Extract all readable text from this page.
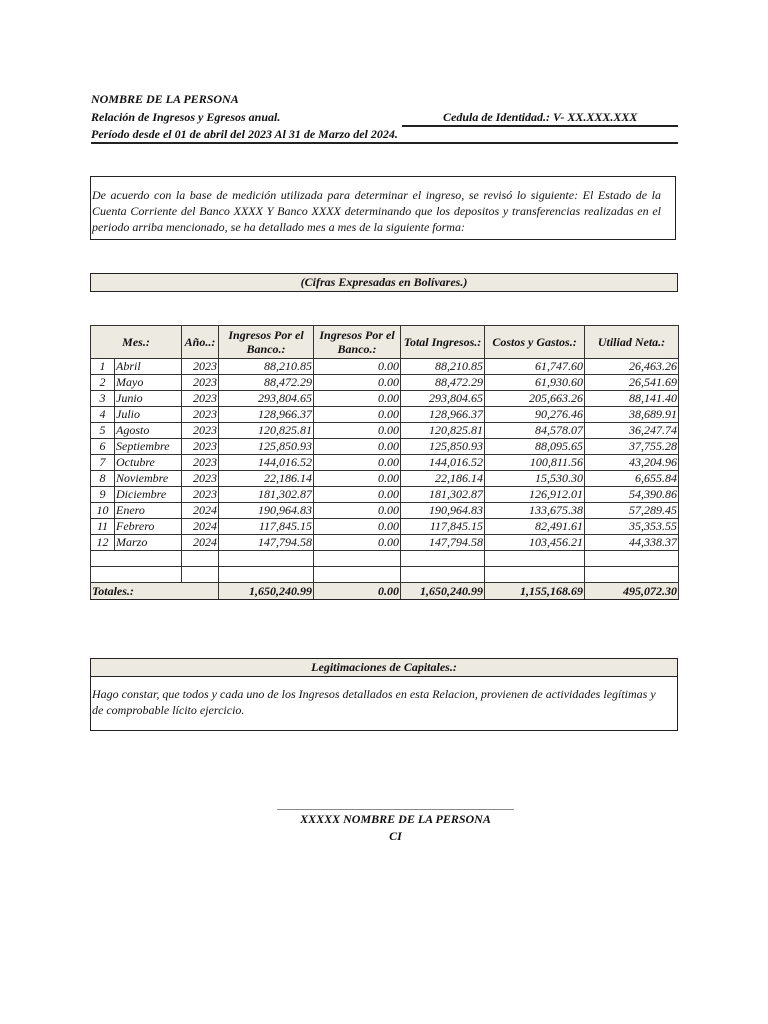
NOMBRE DE LA PERSONA
Relación de Ingresos y Egresos anual.	Cedula de Identidad.: V- XX.XXX.XXX
Período desde el 01 de abril del 2023 Al 31 de Marzo del 2024.
De acuerdo con la base de medición utilizada para determinar el ingreso, se revisó lo siguiente: El Estado de la Cuenta Corriente del Banco XXXX Y Banco XXXX determinando que los depositos y transferencias realizadas en el periodo arriba mencionado, se ha detallado mes a mes de la siguiente forma:
(Cifras Expresadas en Bolívares.)
Mes.:		Año..:	Ingresos Por el Banco.:	Ingresos Por el Banco.:	Total Ingresos.:	Costos y Gastos.:	Utiliad Neta.:
1	Abril	2023	88,210.85	0.00	88,210.85	61,747.60	26,463.26
2	Mayo	2023	88,472.29	0.00	88,472.29	61,930.60	26,541.69
3	Junio	2023	293,804.65	0.00	293,804.65	205,663.26	88,141.40
4	Julio	2023	128,966.37	0.00	128,966.37	90,276.46	38,689.91
5	Agosto	2023	120,825.81	0.00	120,825.81	84,578.07	36,247.74
6	Septiembre	2023	125,850.93	0.00	125,850.93	88,095.65	37,755.28
7	Octubre	2023	144,016.52	0.00	144,016.52	100,811.56	43,204.96
8	Noviembre	2023	22,186.14	0.00	22,186.14	15,530.30	6,655.84
9	Diciembre	2023	181,302.87	0.00	181,302.87	126,912.01	54,390.86
10	Enero	2024	190,964.83	0.00	190,964.83	133,675.38	57,289.45
11	Febrero	2024	117,845.15	0.00	117,845.15	82,491.61	35,353.55
12	Marzo	2024	147,794.58	0.00	147,794.58	103,456.21	44,338.37

Totales.:			1,650,240.99	0.00	1,650,240.99	1,155,168.69	495,072.30
Legitimaciones de Capitales.:
Hago constar, que todos y cada uno de los Ingresos detallados en esta Relacion, provienen de actividades legítimas y de comprobable lícito ejercicio.
XXXXX NOMBRE DE LA PERSONA
CI
